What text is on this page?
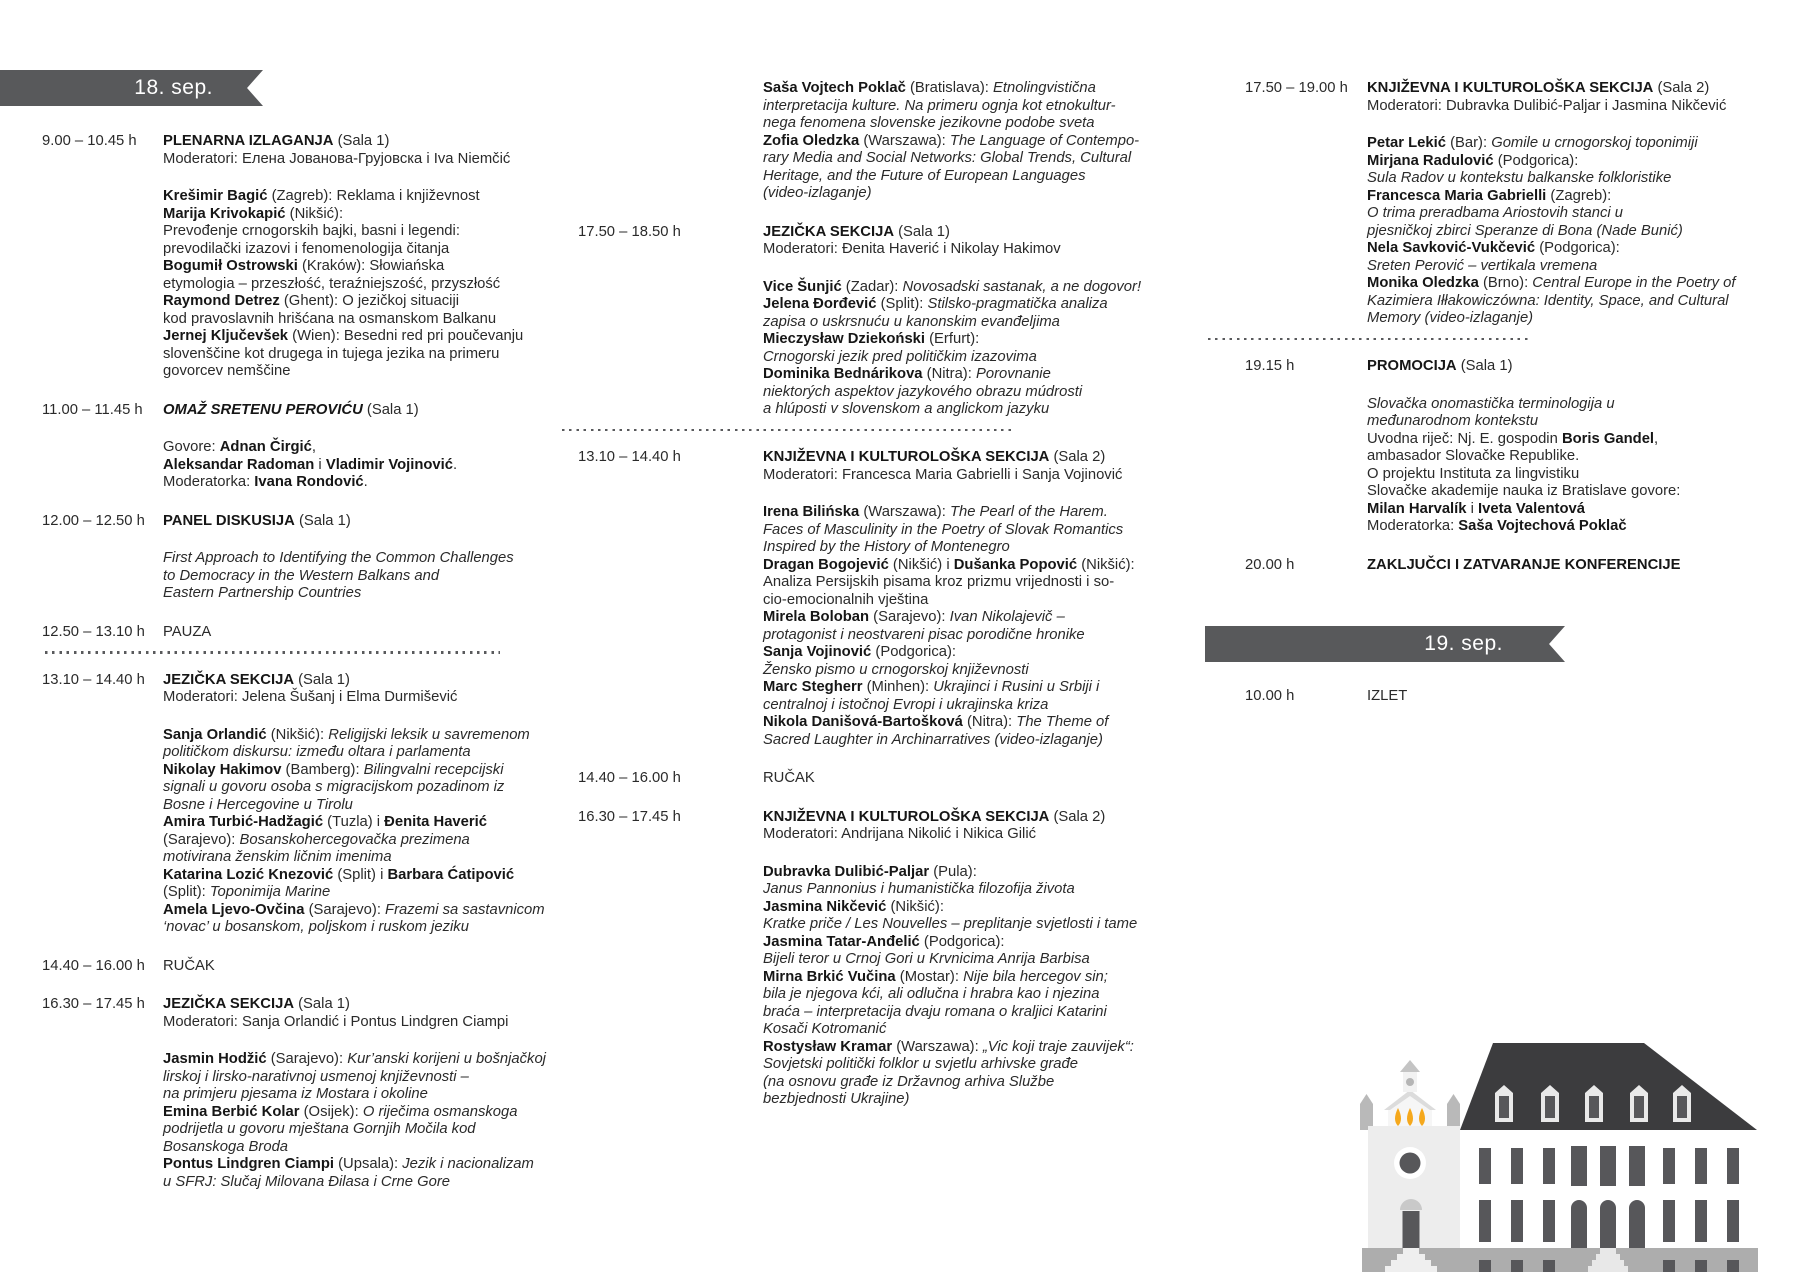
18. sep.
9.00 – 10.45 h	PLENARNA IZLAGANJA (Sala 1)
Moderatori: Елена Јованова-Грујовска i Iva Niemčić
Krešimir Bagić (Zagreb): Reklama i književnost
Marija Krivokapić (Nikšić):
Prevođenje crnogorskih bajki, basni i legendi:
prevodilački izazovi i fenomenologija čitanja
Bogumił Ostrowski (Kraków): Słowiańska
etymologia – przeszłość, teraźniejszość, przyszłość
Raymond Detrez (Ghent): O jezičkoj situaciji
kod pravoslavnih hrišćana na osmanskom Balkanu
Jernej Ključevšek (Wien): Besedni red pri poučevanju
slovenščine kot drugega in tujega jezika na primeru
govorcev nemščine
11.00 – 11.45 h	OMAŽ SRETENU PEROVIĆU (Sala 1)
Govore: Adnan Čirgić,
Aleksandar Radoman i Vladimir Vojinović.
Moderatorka: Ivana Rondović.
12.00 – 12.50 h	PANEL DISKUSIJA (Sala 1)
First Approach to Identifying the Common Challenges
to Democracy in the Western Balkans and
Eastern Partnership Countries
12.50 – 13.10 h	PAUZA
13.10 – 14.40 h	JEZIČKA SEKCIJA (Sala 1)
Moderatori: Jelena Šušanj i Elma Durmišević
Sanja Orlandić (Nikšić): Religijski leksik u savremenom
političkom diskursu: između oltara i parlamenta
Nikolay Hakimov (Bamberg): Bilingvalni recepcijski
signali u govoru osoba s migracijskom pozadinom iz
Bosne i Hercegovine u Tirolu
Amira Turbić-Hadžagić (Tuzla) i Đenita Haverić
(Sarajevo): Bosanskohercegovačka prezimena
motivirana ženskim ličnim imenima
Katarina Lozić Knezović (Split) i Barbara Ćatipović
(Split): Toponimija Marine
Amela Ljevo-Ovčina (Sarajevo): Frazemi sa sastavnicom
‘novac’ u bosanskom, poljskom i ruskom jeziku
14.40 – 16.00 h	RUČAK
16.30 – 17.45 h	JEZIČKA SEKCIJA (Sala 1)
Moderatori: Sanja Orlandić i Pontus Lindgren Ciampi
Jasmin Hodžić (Sarajevo): Kur’anski korijeni u bošnjačkoj
lirskoj i lirsko-narativnoj usmenoj književnosti –
na primjeru pjesama iz Mostara i okoline
Emina Berbić Kolar (Osijek): O riječima osmanskoga
podrijetla u govoru mještana Gornjih Močila kod
Bosanskoga Broda
Pontus Lindgren Ciampi (Upsala): Jezik i nacionalizam
u SFRJ: Slučaj Milovana Đilasa i Crne Gore
Saša Vojtech Poklač (Bratislava): Etnolingvistična
interpretacija kulture. Na primeru ognja kot etnokultur-
nega fenomena slovenske jezikovne podobe sveta
Zofia Oledzka (Warszawa): The Language of Contempo-
rary Media and Social Networks: Global Trends, Cultural
Heritage, and the Future of European Languages
(video-izlaganje)
17.50 – 18.50 h	JEZIČKA SEKCIJA (Sala 1)
Moderatori: Đenita Haverić i Nikolay Hakimov
Vice Šunjić (Zadar): Novosadski sastanak, a ne dogovor!
Jelena Đorđević (Split): Stilsko-pragmatička analiza
zapisa o uskrsnuću u kanonskim evanđeljima
Mieczysław Dziekoński (Erfurt):
Crnogorski jezik pred političkim izazovima
Dominika Bednárikova (Nitra): Porovnanie
niektorých aspektov jazykového obrazu múdrosti
a hlúposti v slovenskom a anglickom jazyku
13.10 – 14.40 h	KNJIŽEVNA I KULTUROLOŠKA SEKCIJA (Sala 2)
Moderatori: Francesca Maria Gabrielli i Sanja Vojinović
Irena Bilińska (Warszawa): The Pearl of the Harem.
Faces of Masculinity in the Poetry of Slovak Romantics
Inspired by the History of Montenegro
Dragan Bogojević (Nikšić) i Dušanka Popović (Nikšić):
Analiza Persijskih pisama kroz prizmu vrijednosti i so-
cio-emocionalnih vještina
Mirela Boloban (Sarajevo): Ivan Nikolajevič –
protagonist i neostvareni pisac porodične hronike
Sanja Vojinović (Podgorica):
Žensko pismo u crnogorskoj književnosti
Marc Stegherr (Minhen): Ukrajinci i Rusini u Srbiji i
centralnoj i istočnoj Evropi i ukrajinska kriza
Nikola Danišová-Bartošková (Nitra): The Theme of
Sacred Laughter in Archinarratives (video-izlaganje)
14.40 – 16.00 h	RUČAK
16.30 – 17.45 h	KNJIŽEVNA I KULTUROLOŠKA SEKCIJA (Sala 2)
Moderatori: Andrijana Nikolić i Nikica Gilić
Dubravka Dulibić-Paljar (Pula):
Janus Pannonius i humanistička filozofija života
Jasmina Nikčević (Nikšić):
Kratke priče / Les Nouvelles – preplitanje svjetlosti i tame
Jasmina Tatar-Anđelić (Podgorica):
Bijeli teror u Crnoj Gori u Krvnicima Anrija Barbisa
Mirna Brkić Vučina (Mostar): Nije bila hercegov sin;
bila je njegova kći, ali odlučna i hrabra kao i njezina
braća – interpretacija dvaju romana o kraljici Katarini
Kosači Kotromanić
Rostysław Kramar (Warszawa): „Vic koji traje zauvijek“:
Sovjetski politički folklor u svjetlu arhivske građe
(na osnovu građe iz Državnog arhiva Službe
bezbjednosti Ukrajine)
17.50 – 19.00 h	KNJIŽEVNA I KULTUROLOŠKA SEKCIJA (Sala 2)
Moderatori: Dubravka Dulibić-Paljar i Jasmina Nikčević
Petar Lekić (Bar): Gomile u crnogorskoj toponimiji
Mirjana Radulović (Podgorica):
Sula Radov u kontekstu balkanske folkloristike
Francesca Maria Gabrielli (Zagreb):
O trima preradbama Ariostovih stanci u
pjesničkoj zbirci Speranze di Bona (Nade Bunić)
Nela Savković-Vukčević (Podgorica):
Sreten Perović – vertikala vremena
Monika Oledzka (Brno): Central Europe in the Poetry of
Kazimiera Iłłakowiczówna: Identity, Space, and Cultural
Memory (video-izlaganje)
19.15 h	PROMOCIJA (Sala 1)
Slovačka onomastička terminologija u
međunarodnom kontekstu
Uvodna riječ: Nj. E. gospodin Boris Gandel,
ambasador Slovačke Republike.
O projektu Instituta za lingvistiku
Slovačke akademije nauka iz Bratislave govore:
Milan Harvalík i Iveta Valentová
Moderatorka: Saša Vojtechová Poklač
20.00 h	ZAKLJUČCI I ZATVARANJE KONFERENCIJE
19. sep.
10.00 h	IZLET
